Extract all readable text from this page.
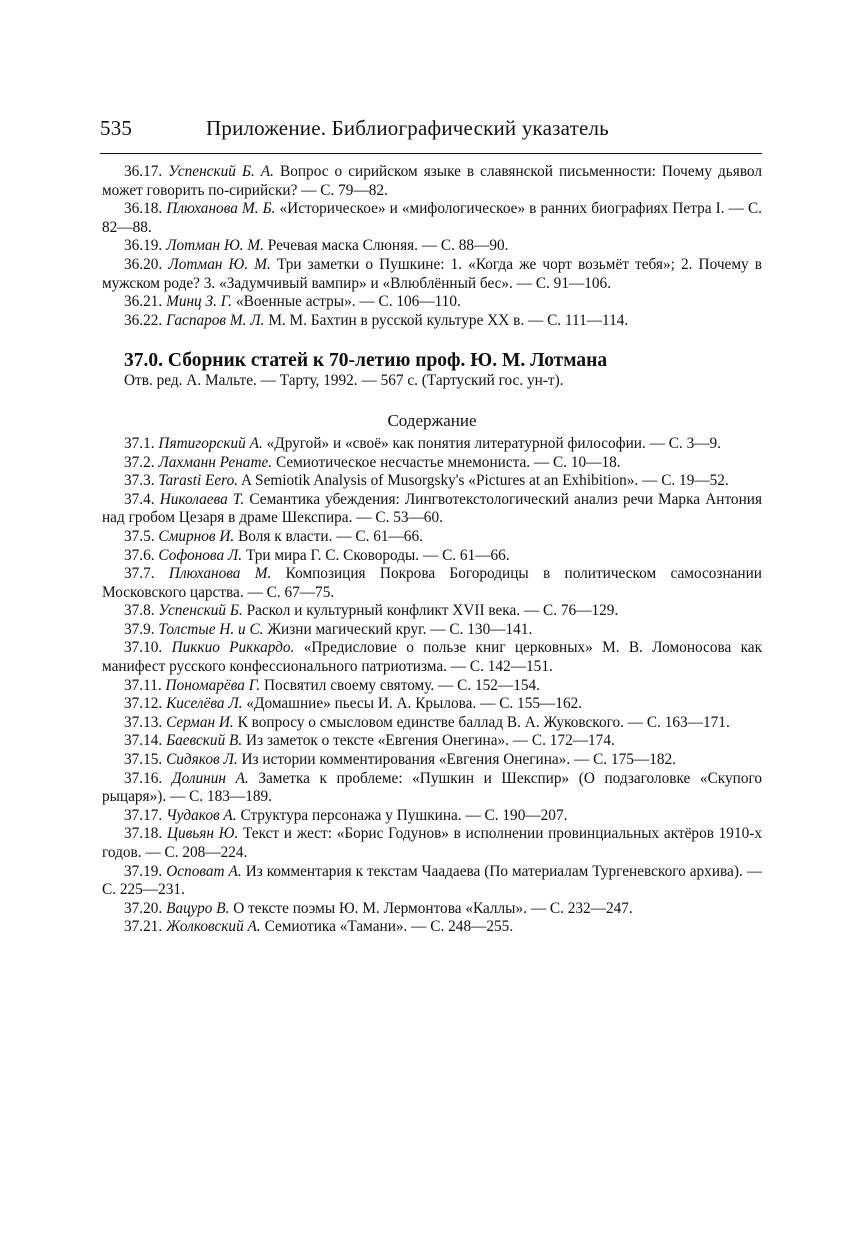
535	Приложение. Библиографический указатель

36.17. Успенский Б. А. Вопрос о сирийском языке в славянской письменности: Почему дьявол может говорить по-сирийски? — С. 79—82.

36.18. Плюханова М. Б. «Историческое» и «мифологическое» в ранних биографиях Петра I. — С. 82—88.

36.19. Лотман Ю. М. Речевая маска Слюняя. — С. 88—90.

36.20. Лотман Ю. М. Три заметки о Пушкине: 1. «Когда же чорт возьмёт тебя»; 2. Почему в мужском роде? 3. «Задумчивый вампир» и «Влюблённый бес». — С. 91—106.

36.21. Минц З. Г. «Военные астры». — С. 106—110.

36.22. Гаспаров М. Л. М. М. Бахтин в русской культуре XX в. — С. 111—114.

37.0. Сборник статей к 70-летию проф. Ю. М. Лотмана

Отв. ред. А. Мальте. — Тарту, 1992. — 567 с. (Тартуский гос. ун-т).

Содержание

37.1. Пятигорский А. «Другой» и «своё» как понятия литературной философии. — С. 3—9.

37.2. Лахманн Ренате. Семиотическое несчастье мнемониста. — С. 10—18.

37.3. Tarasti Eero. A Semiotik Analysis of Musorgsky's «Pictures at an Exhibition». — С. 19—52.

37.4. Николаева Т. Семантика убеждения: Лингвотекстологический анализ речи Марка Антония над гробом Цезаря в драме Шекспира. — С. 53—60.

37.5. Смирнов И. Воля к власти. — С. 61—66.

37.6. Софонова Л. Три мира Г. С. Сковороды. — С. 61—66.

37.7. Плюханова М. Композиция Покрова Богородицы в политическом самосознании Московского царства. — С. 67—75.

37.8. Успенский Б. Раскол и культурный конфликт XVII века. — С. 76—129.

37.9. Толстые Н. и С. Жизни магический круг. — С. 130—141.

37.10. Пиккио Риккардо. «Предисловие о пользе книг церковных» М. В. Ломоносова как манифест русского конфессионального патриотизма. — С. 142—151.

37.11. Пономарёва Г. Посвятил своему святому. — С. 152—154.

37.12. Киселёва Л. «Домашние» пьесы И. А. Крылова. — С. 155—162.

37.13. Серман И. К вопросу о смысловом единстве баллад В. А. Жуковского. — С. 163—171.

37.14. Баевский В. Из заметок о тексте «Евгения Онегина». — С. 172—174.

37.15. Сидяков Л. Из истории комментирования «Евгения Онегина». — С. 175—182.

37.16. Долинин А. Заметка к проблеме: «Пушкин и Шекспир» (О подзаголовке «Скупого рыцаря»). — С. 183—189.

37.17. Чудаков А. Структура персонажа у Пушкина. — С. 190—207.

37.18. Цивьян Ю. Текст и жест: «Борис Годунов» в исполнении провинциальных актёров 1910-х годов. — С. 208—224.

37.19. Осповат А. Из комментария к текстам Чаадаева (По материалам Тургеневского архива). — С. 225—231.

37.20. Вацуро В. О тексте поэмы Ю. М. Лермонтова «Каллы». — С. 232—247.

37.21. Жолковский А. Семиотика «Тамани». — С. 248—255.
